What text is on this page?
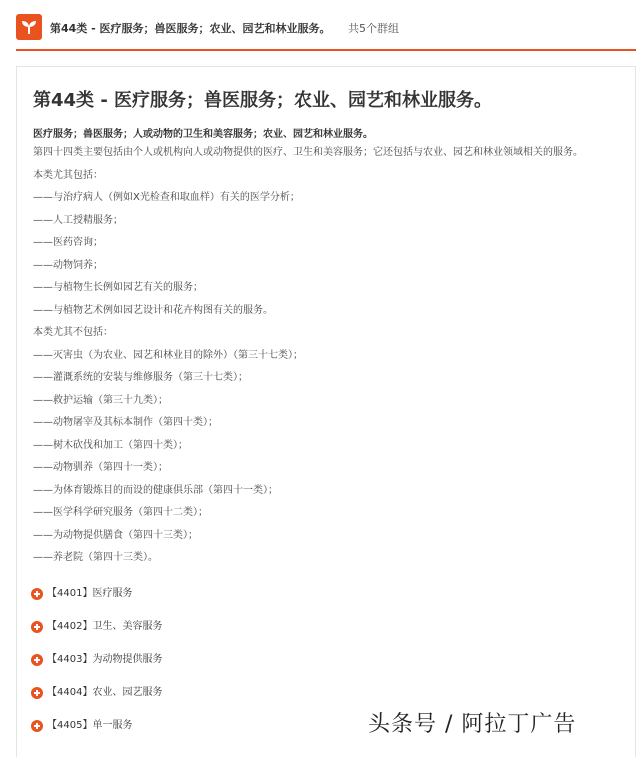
第44类 - 医疗服务；兽医服务；农业、园艺和林业服务。 共5个群组
第44类 - 医疗服务；兽医服务；农业、园艺和林业服务。
医疗服务；兽医服务；人或动物的卫生和美容服务；农业、园艺和林业服务。
第四十四类主要包括由个人或机构向人或动物提供的医疗、卫生和美容服务；它还包括与农业、园艺和林业领域相关的服务。
本类尤其包括：
——与治疗病人（例如X光检查和取血样）有关的医学分析；
——人工授精服务；
——医药咨询；
——动物饲养；
——与植物生长例如园艺有关的服务；
——与植物艺术例如园艺设计和花卉构图有关的服务。
本类尤其不包括：
——灭害虫（为农业、园艺和林业目的除外）（第三十七类）；
——灌溉系统的安装与维修服务（第三十七类）；
——救护运输（第三十九类）；
——动物屠宰及其标本制作（第四十类）；
——树木砍伐和加工（第四十类）；
——动物驯养（第四十一类）；
——为体育锻炼目的而设的健康俱乐部（第四十一类）；
——医学科学研究服务（第四十二类）；
——为动物提供膳食（第四十三类）；
——养老院（第四十三类）。
【4401】医疗服务
【4402】卫生、美容服务
【4403】为动物提供服务
【4404】农业、园艺服务
【4405】单一服务	头条号 / 阿拉丁广告
